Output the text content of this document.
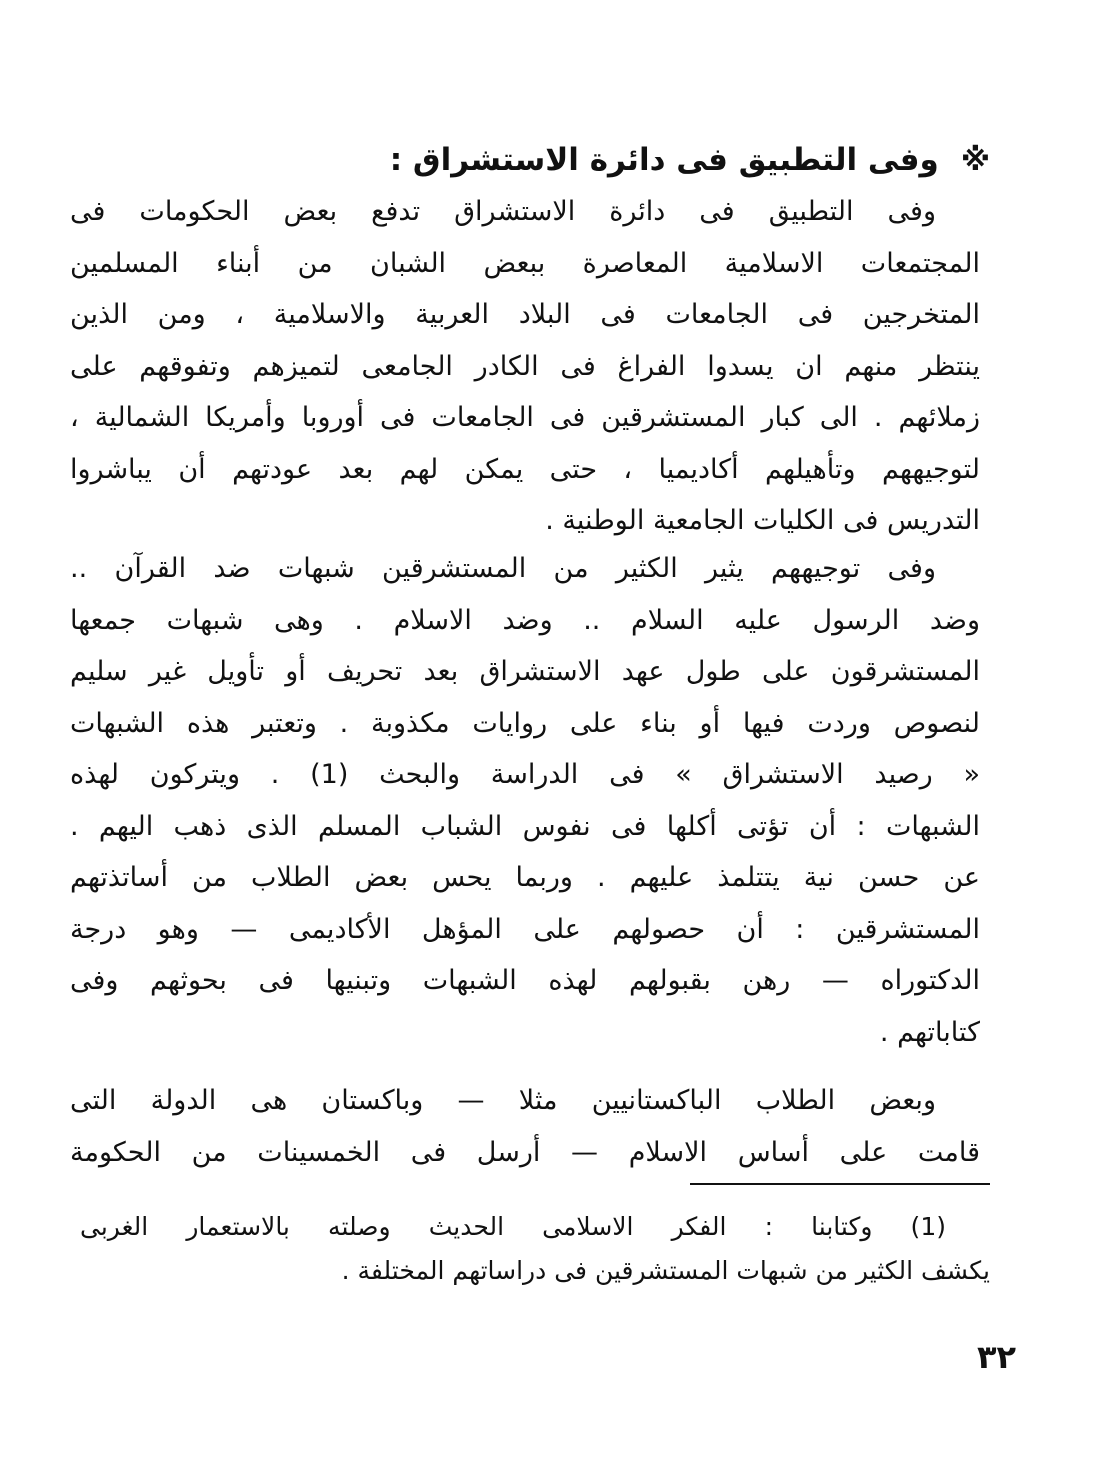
※وفى التطبيق فى دائرة الاستشراق :
وفى التطبيق فى دائرة الاستشراق تدفع بعض الحكومات فى
المجتمعات الاسلامية المعاصرة ببعض الشبان من أبناء المسلمين
المتخرجين فى الجامعات فى البلاد العربية والاسلامية ، ومن الذين
ينتظر منهم ان يسدوا الفراغ فى الكادر الجامعى لتميزهم وتفوقهم على
زملائهم . الى كبار المستشرقين فى الجامعات فى أوروبا وأمريكا الشمالية ،
لتوجيههم وتأهيلهم أكاديميا ، حتى يمكن لهم بعد عودتهم أن يباشروا
التدريس فى الكليات الجامعية الوطنية .
وفى توجيههم يثير الكثير من المستشرقين شبهات ضد القرآن ..
وضد الرسول عليه السلام .. وضد الاسلام . وهى شبهات جمعها
المستشرقون على طول عهد الاستشراق بعد تحريف أو تأويل غير سليم
لنصوص وردت فيها أو بناء على روايات مكذوبة . وتعتبر هذه الشبهات
« رصيد الاستشراق » فى الدراسة والبحث (1) . ويتركون لهذه
الشبهات : أن تؤتى أكلها فى نفوس الشباب المسلم الذى ذهب اليهم .
عن حسن نية يتتلمذ عليهم . وربما يحس بعض الطلاب من أساتذتهم
المستشرقين : أن حصولهم على المؤهل الأكاديمى — وهو درجة
الدكتوراه — رهن بقبولهم لهذه الشبهات وتبنيها فى بحوثهم وفى
كتاباتهم .
وبعض الطلاب الباكستانيين مثلا — وباكستان هى الدولة التى
قامت على أساس الاسلام — أرسل فى الخمسينات من الحكومة
(1) وكتابنا : الفكر الاسلامى الحديث وصلته بالاستعمار الغربى
يكشف الكثير من شبهات المستشرقين فى دراساتهم المختلفة .
٣٢
